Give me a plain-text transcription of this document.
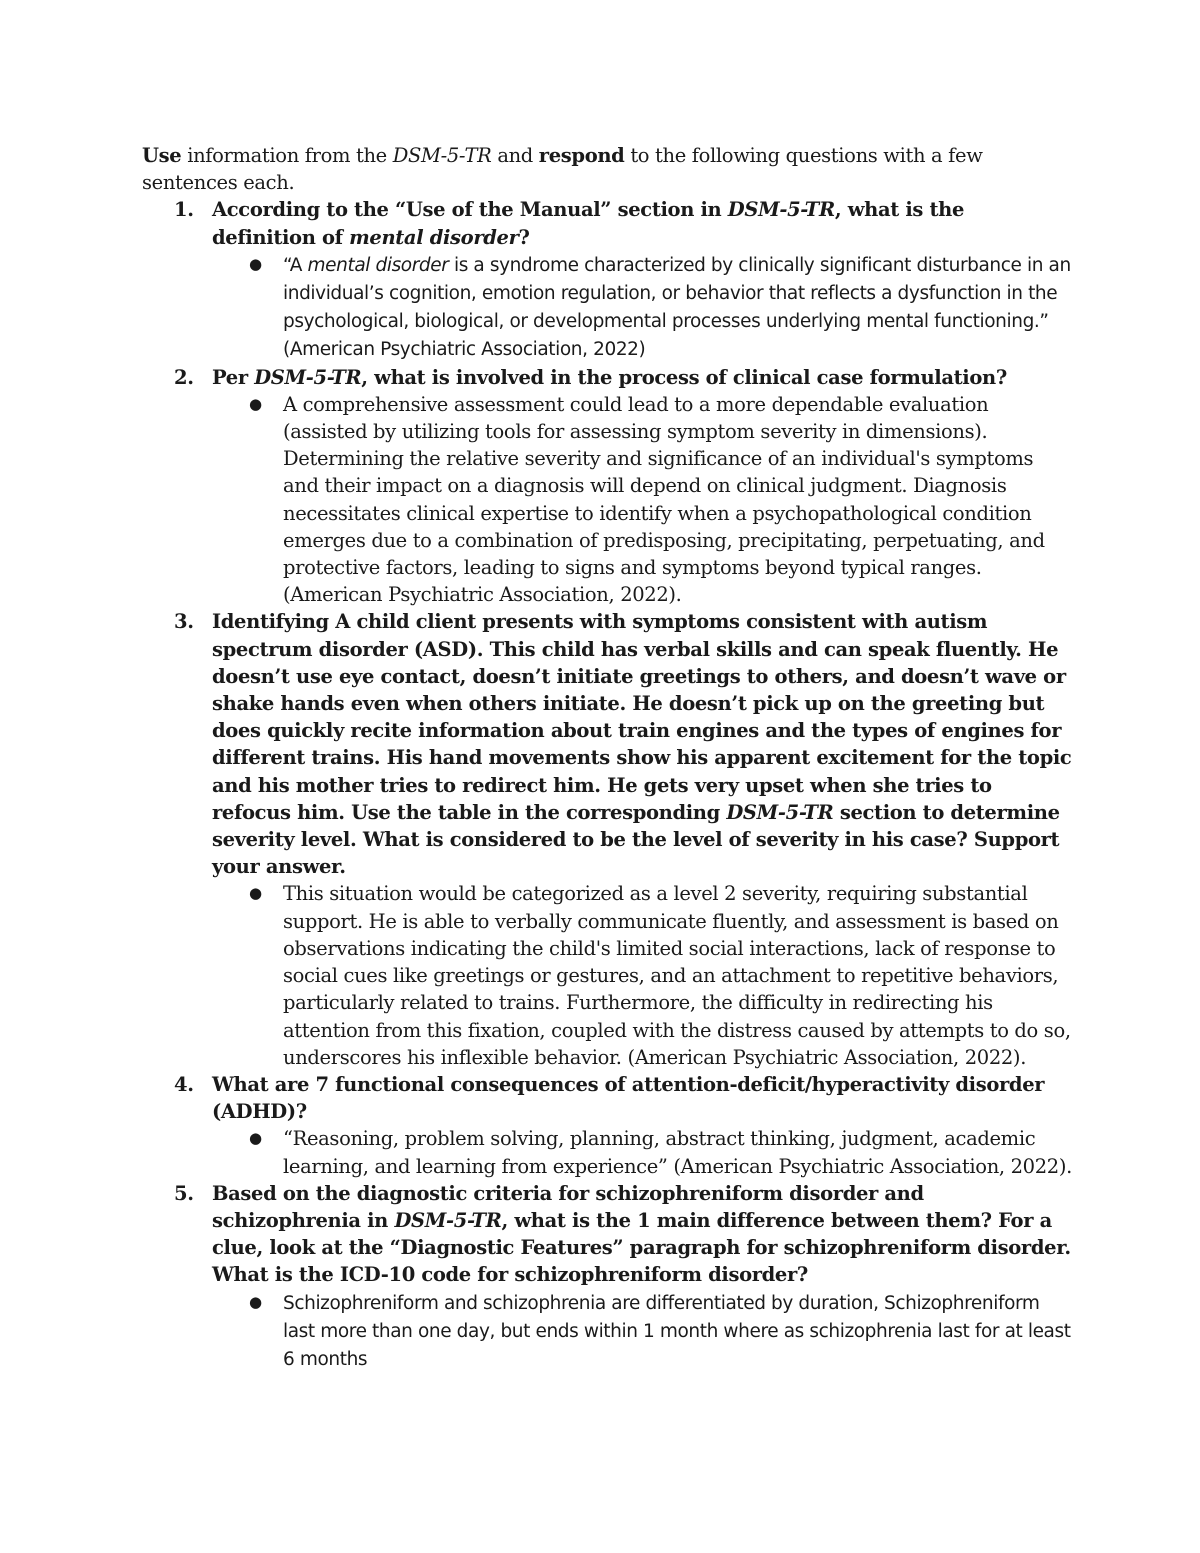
Use information from the DSM-5-TR and respond to the following questions with a few sentences each.

1. According to the “Use of the Manual” section in DSM-5-TR, what is the definition of mental disorder?
● “A mental disorder is a syndrome characterized by clinically significant disturbance in an individual’s cognition, emotion regulation, or behavior that reflects a dysfunction in the psychological, biological, or developmental processes underlying mental functioning.” (American Psychiatric Association, 2022)
2. Per DSM-5-TR, what is involved in the process of clinical case formulation?
● A comprehensive assessment could lead to a more dependable evaluation (assisted by utilizing tools for assessing symptom severity in dimensions). Determining the relative severity and significance of an individual's symptoms and their impact on a diagnosis will depend on clinical judgment. Diagnosis necessitates clinical expertise to identify when a psychopathological condition emerges due to a combination of predisposing, precipitating, perpetuating, and protective factors, leading to signs and symptoms beyond typical ranges. (American Psychiatric Association, 2022).
3. Identifying A child client presents with symptoms consistent with autism spectrum disorder (ASD). This child has verbal skills and can speak fluently. He doesn’t use eye contact, doesn’t initiate greetings to others, and doesn’t wave or shake hands even when others initiate. He doesn’t pick up on the greeting but does quickly recite information about train engines and the types of engines for different trains. His hand movements show his apparent excitement for the topic and his mother tries to redirect him. He gets very upset when she tries to refocus him. Use the table in the corresponding DSM-5-TR section to determine severity level. What is considered to be the level of severity in his case? Support your answer.
● This situation would be categorized as a level 2 severity, requiring substantial support. He is able to verbally communicate fluently, and assessment is based on observations indicating the child's limited social interactions, lack of response to social cues like greetings or gestures, and an attachment to repetitive behaviors, particularly related to trains. Furthermore, the difficulty in redirecting his attention from this fixation, coupled with the distress caused by attempts to do so, underscores his inflexible behavior. (American Psychiatric Association, 2022).
4. What are 7 functional consequences of attention-deficit/hyperactivity disorder (ADHD)?
● “Reasoning, problem solving, planning, abstract thinking, judgment, academic learning, and learning from experience” (American Psychiatric Association, 2022).
5. Based on the diagnostic criteria for schizophreniform disorder and schizophrenia in DSM-5-TR, what is the 1 main difference between them? For a clue, look at the “Diagnostic Features” paragraph for schizophreniform disorder. What is the ICD-10 code for schizophreniform disorder?
● Schizophreniform and schizophrenia are differentiated by duration, Schizophreniform last more than one day, but ends within 1 month where as schizophrenia last for at least 6 months
